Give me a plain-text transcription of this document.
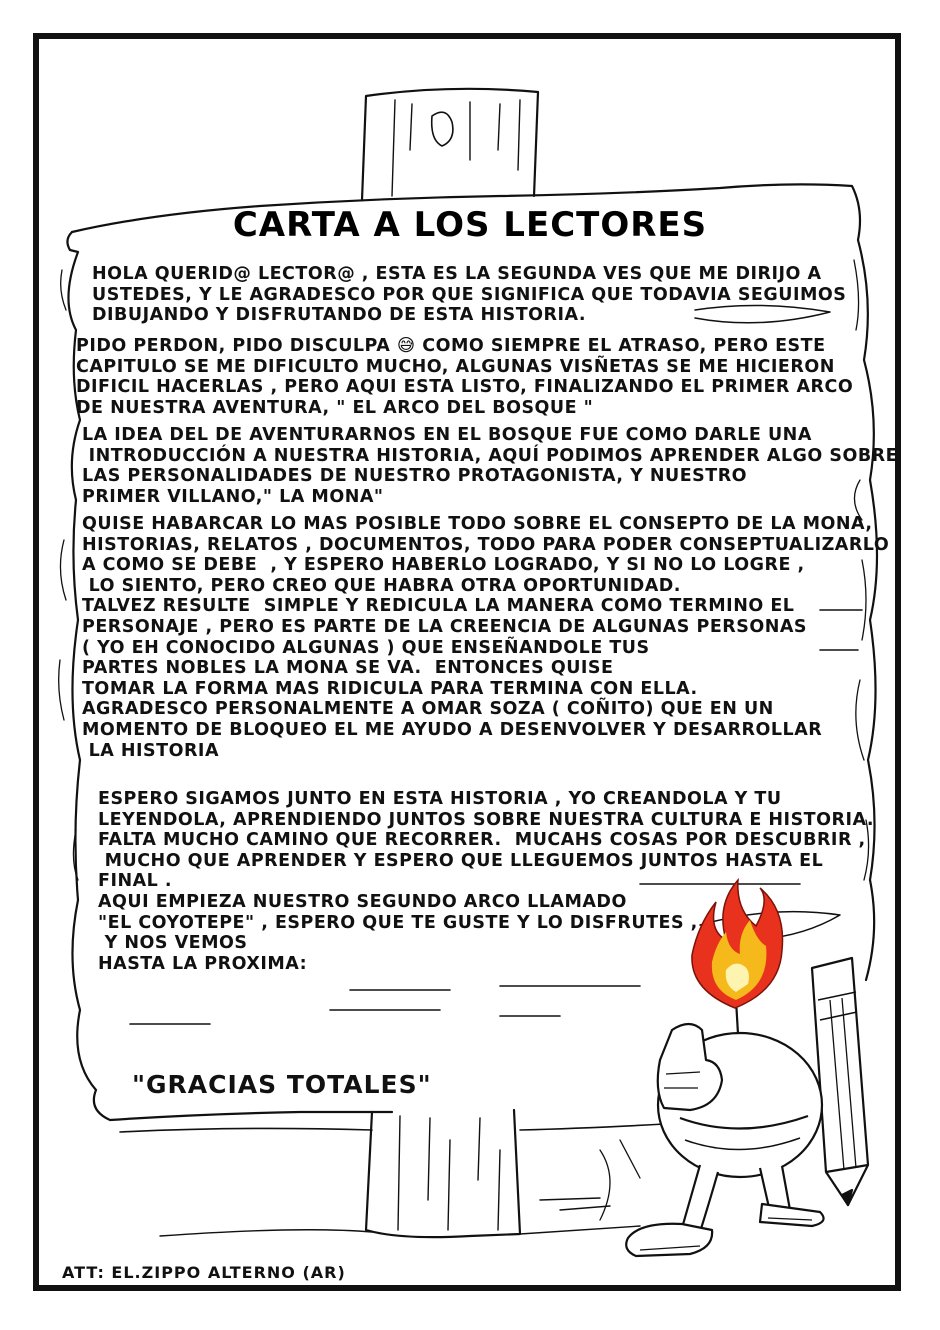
CARTA A LOS LECTORES
HOLA QUERID@ LECTOR@ , ESTA ES LA SEGUNDA VES QUE ME DIRIJO A
USTEDES, Y LE AGRADESCO POR QUE SIGNIFICA QUE TODAVIA SEGUIMOS
DIBUJANDO Y DISFRUTANDO DE ESTA HISTORIA.
PIDO PERDON, PIDO DISCULPA 😅 COMO SIEMPRE EL ATRASO, PERO ESTE
CAPITULO SE ME DIFICULTO MUCHO, ALGUNAS VISÑETAS SE ME HICIERON
DIFICIL HACERLAS , PERO AQUI ESTA LISTO, FINALIZANDO EL PRIMER ARCO
DE NUESTRA AVENTURA, " EL ARCO DEL BOSQUE "
LA IDEA DEL DE AVENTURARNOS EN EL BOSQUE FUE COMO DARLE UNA
INTRODUCCIÓN A NUESTRA HISTORIA, AQUÍ PODIMOS APRENDER ALGO SOBRE
LAS PERSONALIDADES DE NUESTRO PROTAGONISTA, Y NUESTRO
PRIMER VILLANO," LA MONA"
QUISE HABARCAR LO MAS POSIBLE TODO SOBRE EL CONSEPTO DE LA MONA,
HISTORIAS, RELATOS , DOCUMENTOS, TODO PARA PODER CONSEPTUALIZARLO
A COMO SE DEBE  , Y ESPERO HABERLO LOGRADO, Y SI NO LO LOGRE ,
LO SIENTO, PERO CREO QUE HABRA OTRA OPORTUNIDAD.
TALVEZ RESULTE  SIMPLE Y REDICULA LA MANERA COMO TERMINO EL
PERSONAJE , PERO ES PARTE DE LA CREENCIA DE ALGUNAS PERSONAS
( YO EH CONOCIDO ALGUNAS ) QUE ENSEÑANDOLE TUS
PARTES NOBLES LA MONA SE VA.  ENTONCES QUISE
TOMAR LA FORMA MAS RIDICULA PARA TERMINA CON ELLA.
AGRADESCO PERSONALMENTE A OMAR SOZA ( COÑITO) QUE EN UN
MOMENTO DE BLOQUEO EL ME AYUDO A DESENVOLVER Y DESARROLLAR
LA HISTORIA
ESPERO SIGAMOS JUNTO EN ESTA HISTORIA , YO CREANDOLA Y TU
LEYENDOLA, APRENDIENDO JUNTOS SOBRE NUESTRA CULTURA E HISTORIA.
FALTA MUCHO CAMINO QUE RECORRER.  MUCAHS COSAS POR DESCUBRIR ,
MUCHO QUE APRENDER Y ESPERO QUE LLEGUEMOS JUNTOS HASTA EL
FINAL .
AQUI EMPIEZA NUESTRO SEGUNDO ARCO LLAMADO
"EL COYOTEPE" , ESPERO QUE TE GUSTE Y LO DISFRUTES ,
Y NOS VEMOS
HASTA LA PROXIMA:
"GRACIAS TOTALES"
ATT: EL.ZIPPO ALTERNO (AR)
